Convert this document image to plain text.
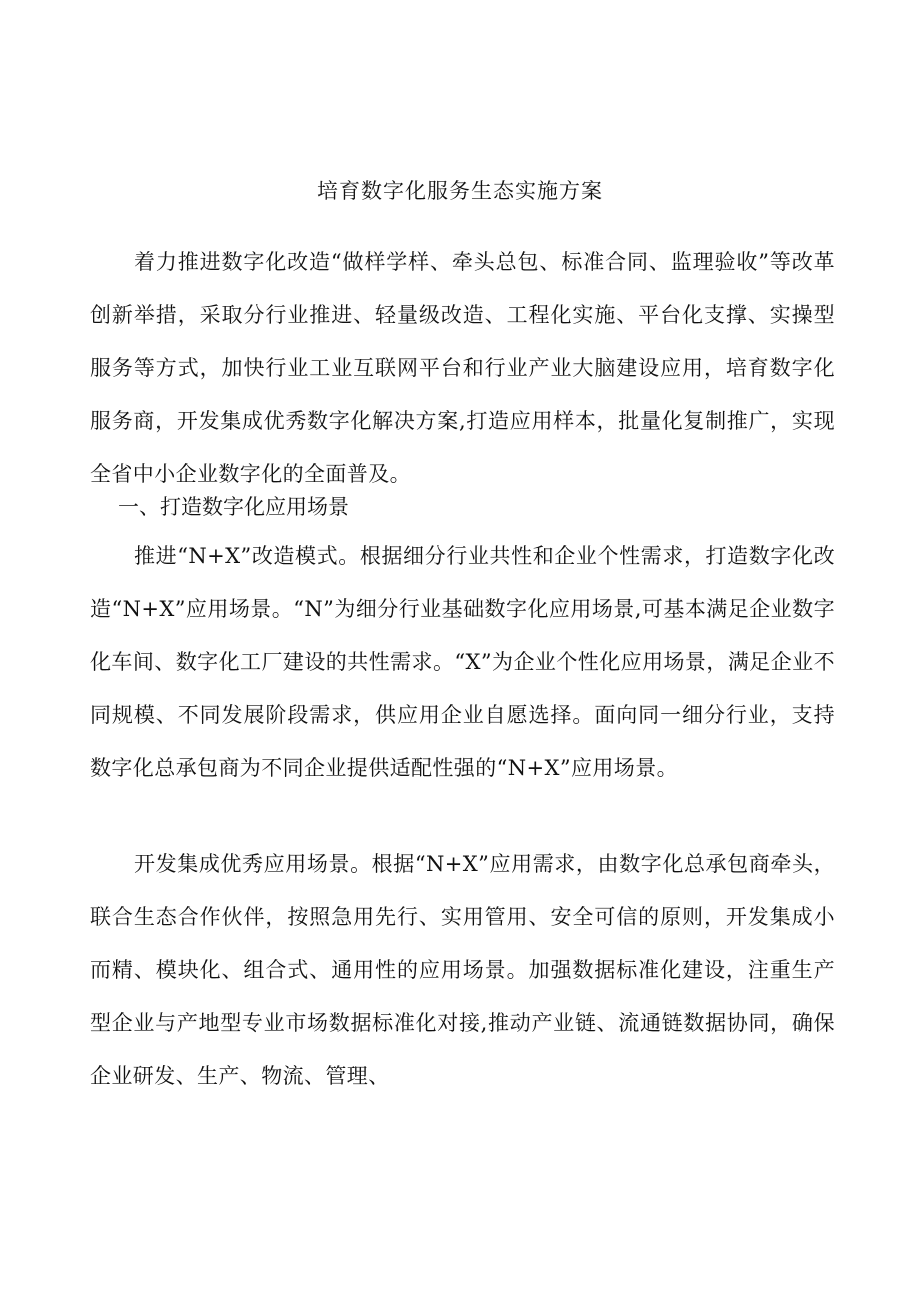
培育数字化服务生态实施方案

着力推进数字化改造“做样学样、牵头总包、标准合同、监理验收”等改革创新举措，采取分行业推进、轻量级改造、工程化实施、平台化支撑、实操型服务等方式，加快行业工业互联网平台和行业产业大脑建设应用，培育数字化服务商，开发集成优秀数字化解决方案,打造应用样本，批量化复制推广，实现全省中小企业数字化的全面普及。

一、打造数字化应用场景

推进“N+X”改造模式。根据细分行业共性和企业个性需求，打造数字化改造“N+X”应用场景。“N”为细分行业基础数字化应用场景,可基本满足企业数字化车间、数字化工厂建设的共性需求。“X”为企业个性化应用场景，满足企业不同规模、不同发展阶段需求，供应用企业自愿选择。面向同一细分行业，支持数字化总承包商为不同企业提供适配性强的“N+X”应用场景。

开发集成优秀应用场景。根据“N+X”应用需求，由数字化总承包商牵头，联合生态合作伙伴，按照急用先行、实用管用、安全可信的原则，开发集成小而精、模块化、组合式、通用性的应用场景。加强数据标准化建设，注重生产型企业与产地型专业市场数据标准化对接,推动产业链、流通链数据协同，确保企业研发、生产、物流、管理、
